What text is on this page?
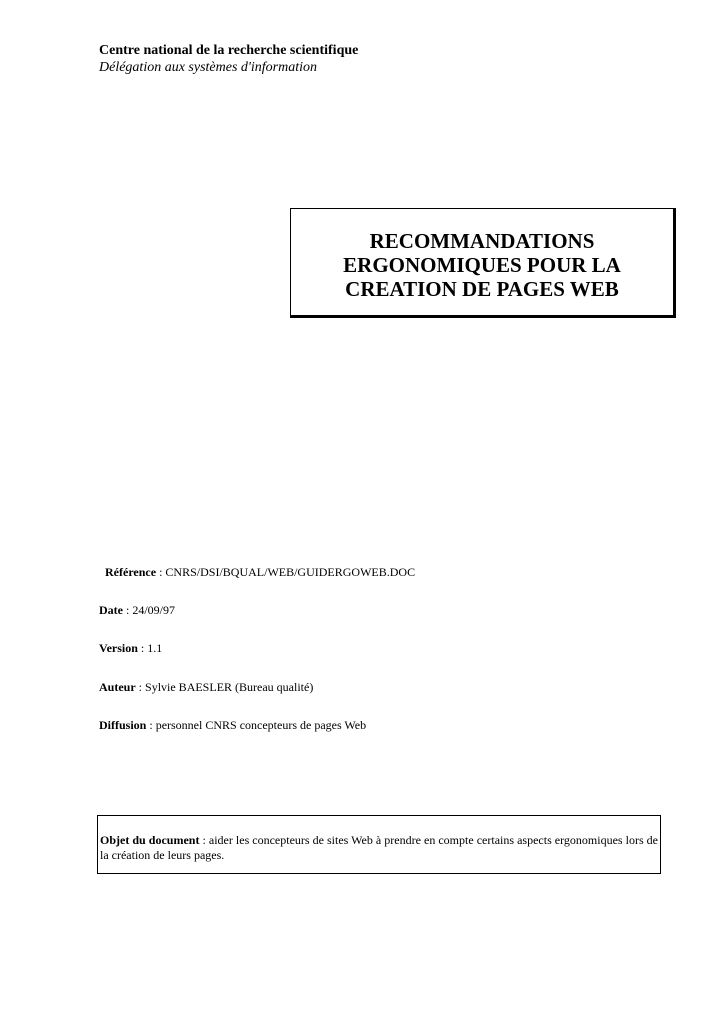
Centre national de la recherche scientifique
Délégation aux systèmes d'information
RECOMMANDATIONS
ERGONOMIQUES POUR LA
CREATION DE PAGES WEB
Référence : CNRS/DSI/BQUAL/WEB/GUIDERGOWEB.DOC
Date : 24/09/97
Version : 1.1
Auteur : Sylvie BAESLER (Bureau qualité)
Diffusion : personnel CNRS concepteurs de pages Web
Objet du document : aider les concepteurs de sites Web à prendre en compte certains aspects ergonomiques lors de la création de leurs pages.
